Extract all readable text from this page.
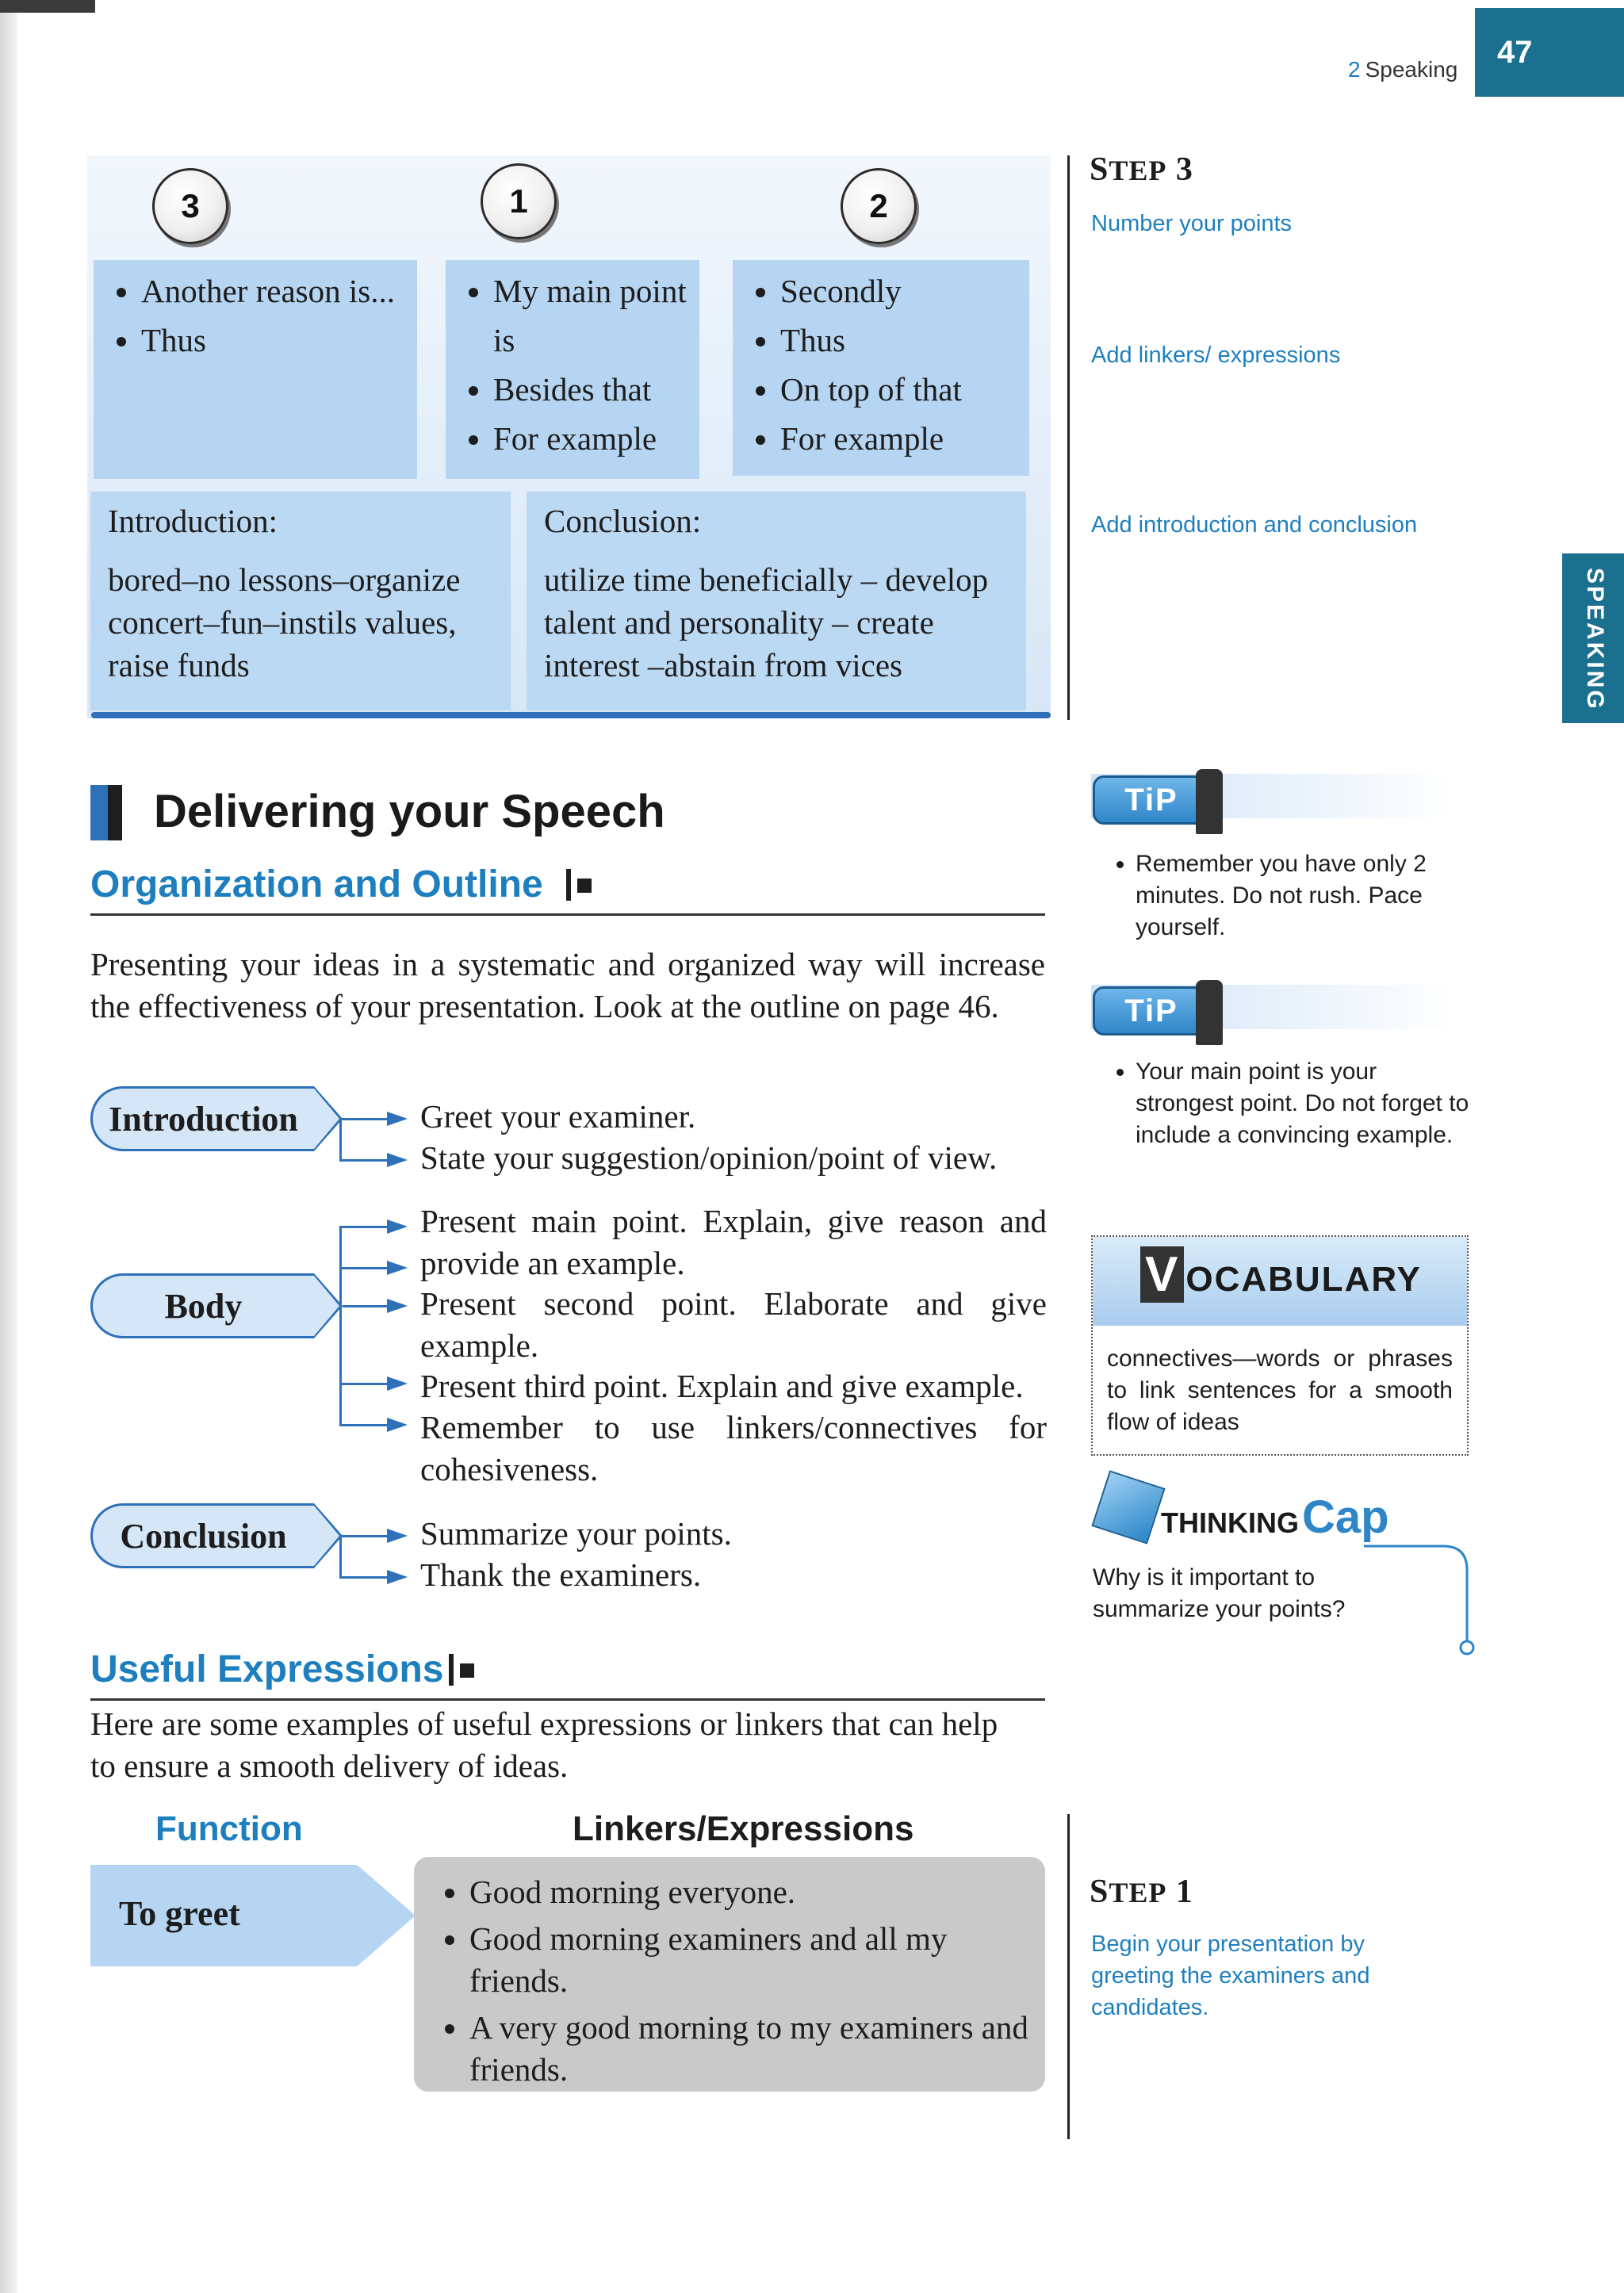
2 Speaking	47
SPEAKING
3	1	2
• Another reason is...
• Thus
• My main point is
• Besides that
• For example
• Secondly
• Thus
• On top of that
• For example
Introduction:
bored–no lessons–organize concert–fun–instils values, raise funds
Conclusion:
utilize time beneficially – develop talent and personality – create interest –abstain from vices
STEP 3
Number your points
Add linkers/ expressions
Add introduction and conclusion
Delivering your Speech
Organization and Outline
Presenting your ideas in a systematic and organized way will increase the effectiveness of your presentation. Look at the outline on page 46.
Introduction	Greet your examiner.
State your suggestion/opinion/point of view.
Body
Present main point. Explain, give reason and provide an example.
Present second point. Elaborate and give example.
Present third point. Explain and give example.
Remember to use linkers/connectives for cohesiveness.
Conclusion	Summarize your points.
Thank the examiners.
Useful Expressions
Here are some examples of useful expressions or linkers that can help to ensure a smooth delivery of ideas.
Function	Linkers/Expressions
To greet
• Good morning everyone.
• Good morning examiners and all my friends.
• A very good morning to my examiners and friends.
TiP
• Remember you have only 2 minutes. Do not rush. Pace yourself.
TiP
• Your main point is your strongest point. Do not forget to include a convincing example.
V OCABULARY
connectives—words or phrases to link sentences for a smooth flow of ideas
THINKINGCap
Why is it important to summarize your points?
STEP 1
Begin your presentation by greeting the examiners and candidates.
